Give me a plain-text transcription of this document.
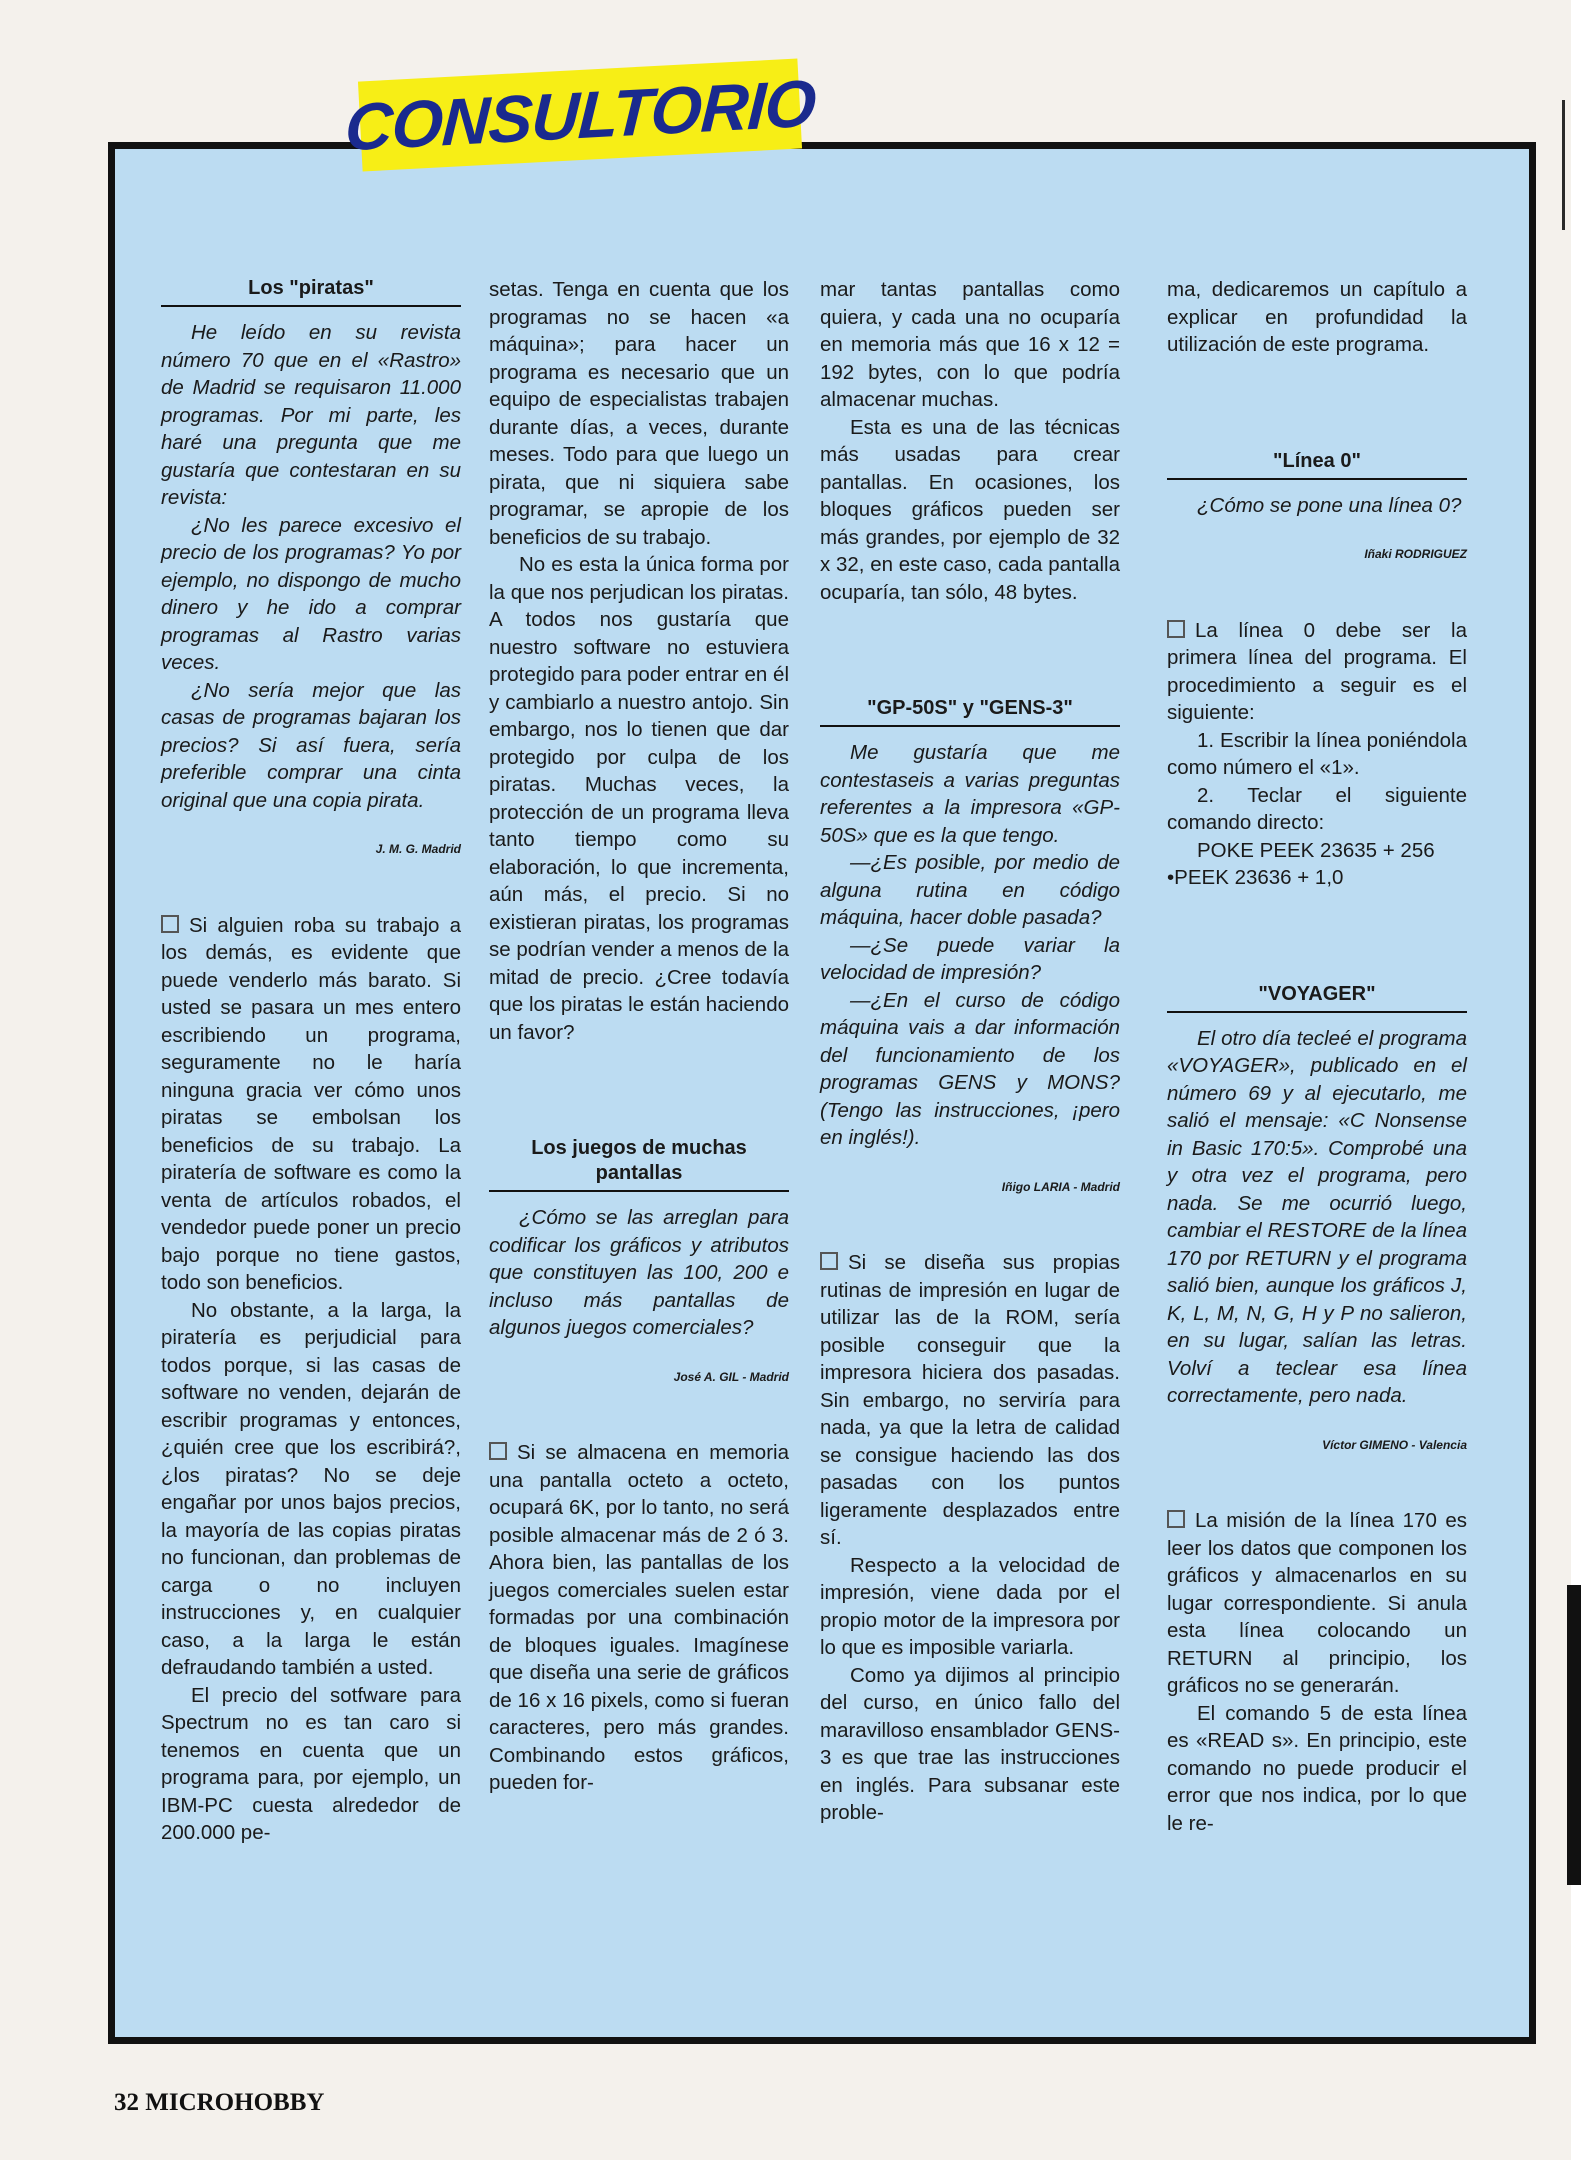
CONSULTORIO
Los "piratas"

He leído en su revista número 70 que en el «Rastro» de Madrid se requisaron 11.000 programas. Por mi parte, les haré una pregunta que me gustaría que contestaran en su revista:

¿No les parece excesivo el precio de los programas? Yo por ejemplo, no dispongo de mucho dinero y he ido a comprar programas al Rastro varias veces.

¿No sería mejor que las casas de programas bajaran los precios? Si así fuera, sería preferible comprar una cinta original que una copia pirata.

J. M. G. Madrid

Si alguien roba su trabajo a los demás, es evidente que puede venderlo más barato. Si usted se pasara un mes entero escribiendo un programa, seguramente no le haría ninguna gracia ver cómo unos piratas se embolsan los beneficios de su trabajo. La piratería de software es como la venta de artículos robados, el vendedor puede poner un precio bajo porque no tiene gastos, todo son beneficios.

No obstante, a la larga, la piratería es perjudicial para todos porque, si las casas de software no venden, dejarán de escribir programas y entonces, ¿quién cree que los escribirá?, ¿los piratas? No se deje engañar por unos bajos precios, la mayoría de las copias piratas no funcionan, dan problemas de carga o no incluyen instrucciones y, en cualquier caso, a la larga le están defraudando también a usted.

El precio del sotfware para Spectrum no es tan caro si tenemos en cuenta que un programa para, por ejemplo, un IBM-PC cuesta alrededor de 200.000 pe-

setas. Tenga en cuenta que los programas no se hacen «a máquina»; para hacer un programa es necesario que un equipo de especialistas trabajen durante días, a veces, durante meses. Todo para que luego un pirata, que ni siquiera sabe programar, se apropie de los beneficios de su trabajo.

No es esta la única forma por la que nos perjudican los piratas. A todos nos gustaría que nuestro software no estuviera protegido para poder entrar en él y cambiarlo a nuestro antojo. Sin embargo, nos lo tienen que dar protegido por culpa de los piratas. Muchas veces, la protección de un programa lleva tanto tiempo como su elaboración, lo que incrementa, aún más, el precio. Si no existieran piratas, los programas se podrían vender a menos de la mitad de precio. ¿Cree todavía que los piratas le están haciendo un favor?

Los juegos de muchas pantallas

¿Cómo se las arreglan para codificar los gráficos y atributos que constituyen las 100, 200 e incluso más pantallas de algunos juegos comerciales?

José A. GIL - Madrid

Si se almacena en memoria una pantalla octeto a octeto, ocupará 6K, por lo tanto, no será posible almacenar más de 2 ó 3. Ahora bien, las pantallas de los juegos comerciales suelen estar formadas por una combinación de bloques iguales. Imagínese que diseña una serie de gráficos de 16 x 16 pixels, como si fueran caracteres, pero más grandes. Combinando estos gráficos, pueden for-

mar tantas pantallas como quiera, y cada una no ocuparía en memoria más que 16 x 12 = 192 bytes, con lo que podría almacenar muchas.

Esta es una de las técnicas más usadas para crear pantallas. En ocasiones, los bloques gráficos pueden ser más grandes, por ejemplo de 32 x 32, en este caso, cada pantalla ocuparía, tan sólo, 48 bytes.

"GP-50S" y "GENS-3"

Me gustaría que me contestaseis a varias preguntas referentes a la impresora «GP-50S» que es la que tengo.

—¿Es posible, por medio de alguna rutina en código máquina, hacer doble pasada?

—¿Se puede variar la velocidad de impresión?

—¿En el curso de código máquina vais a dar información del funcionamiento de los programas GENS y MONS? (Tengo las instrucciones, ¡pero en inglés!).

Iñigo LARIA - Madrid

Si se diseña sus propias rutinas de impresión en lugar de utilizar las de la ROM, sería posible conseguir que la impresora hiciera dos pasadas. Sin embargo, no serviría para nada, ya que la letra de calidad se consigue haciendo las dos pasadas con los puntos ligeramente desplazados entre sí.

Respecto a la velocidad de impresión, viene dada por el propio motor de la impresora por lo que es imposible variarla.

Como ya dijimos al principio del curso, en único fallo del maravilloso ensamblador GENS-3 es que trae las instrucciones en inglés. Para subsanar este proble-

ma, dedicaremos un capítulo a explicar en profundidad la utilización de este programa.

"Línea 0"

¿Cómo se pone una línea 0?

Iñaki RODRIGUEZ

La línea 0 debe ser la primera línea del programa. El procedimiento a seguir es el siguiente:

1. Escribir la línea poniéndola como número el «1».

2. Teclar el siguiente comando directo:

POKE PEEK 23635 + 256

•PEEK 23636 + 1,0

"VOYAGER"

El otro día tecleé el programa «VOYAGER», publicado en el número 69 y al ejecutarlo, me salió el mensaje: «C Nonsense in Basic 170:5». Comprobé una y otra vez el programa, pero nada. Se me ocurrió luego, cambiar el RESTORE de la línea 170 por RETURN y el programa salió bien, aunque los gráficos J, K, L, M, N, G, H y P no salieron, en su lugar, salían las letras. Volví a teclear esa línea correctamente, pero nada.

Víctor GIMENO - Valencia

La misión de la línea 170 es leer los datos que componen los gráficos y almacenarlos en su lugar correspondiente. Si anula esta línea colocando un RETURN al principio, los gráficos no se generarán.

El comando 5 de esta línea es «READ s». En principio, este comando no puede producir el error que nos indica, por lo que le re-

32 MICROHOBBY
